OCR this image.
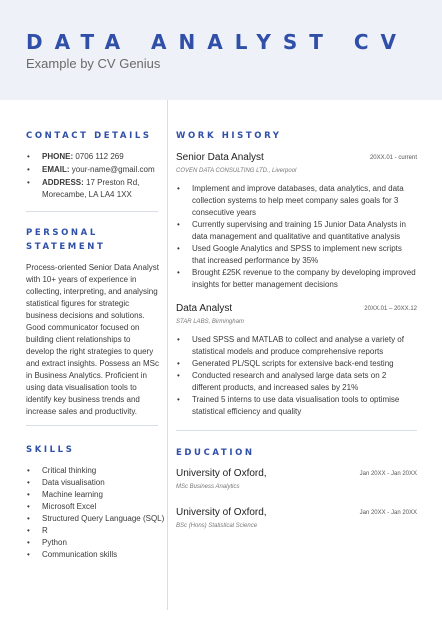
DATA ANALYST CV
Example by CV Genius
CONTACT DETAILS
• PHONE: 0706 112 269
• EMAIL: your-name@gmail.com
• ADDRESS: 17 Preston Rd, Morecambe, LA LA4 1XX
PERSONAL
STATEMENT
Process-oriented Senior Data Analyst with 10+ years of experience in collecting, interpreting, and analysing statistical figures for strategic business decisions and solutions. Good communicator focused on building client relationships to develop the right strategies to query and extract insights. Possess an MSc in Business Analytics. Proficient in using data visualisation tools to identify key business trends and increase sales and productivity.
SKILLS
• Critical thinking
• Data visualisation
• Machine learning
• Microsoft Excel
• Structured Query Language (SQL)
• R
• Python
• Communication skills
WORK HISTORY
Senior Data Analyst	20XX.01 - current
COVEN DATA CONSULTING LTD., Liverpool
• Implement and improve databases, data analytics, and data collection systems to help meet company sales goals for 3 consecutive years
• Currently supervising and training 15 Junior Data Analysts in data management and qualitative and quantitative analysis
• Used Google Analytics and SPSS to implement new scripts that increased performance by 35%
• Brought £25K revenue to the company by developing improved insights for better management decisions
Data Analyst	20XX.01 – 20XX.12
STAR LABS, Birmingham
• Used SPSS and MATLAB to collect and analyse a variety of statistical models and produce comprehensive reports
• Generated PL/SQL scripts for extensive back-end testing
• Conducted research and analysed large data sets on 2 different products, and increased sales by 21%
• Trained 5 interns to use data visualisation tools to optimise statistical efficiency and quality
EDUCATION
University of Oxford,	Jan 20XX - Jan 20XX
MSc Business Analytics
University of Oxford,	Jan 20XX - Jan 20XX
BSc (Hons) Statistical Science
